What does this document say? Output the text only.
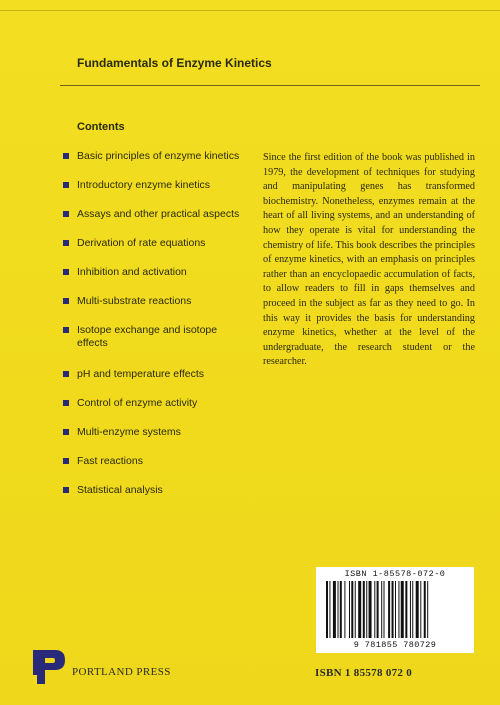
Fundamentals of Enzyme Kinetics
Contents
Basic principles of enzyme kinetics
Introductory enzyme kinetics
Assays and other practical aspects
Derivation of rate equations
Inhibition and activation
Multi-substrate reactions
Isotope exchange and isotope effects
pH and temperature effects
Control of enzyme activity
Multi-enzyme systems
Fast reactions
Statistical analysis

Since the first edition of the book was published in 1979, the development of techniques for studying and manipulating genes has transformed biochemistry. Nonetheless, enzymes remain at the heart of all living systems, and an understanding of how they operate is vital for understanding the chemistry of life. This book describes the principles of enzyme kinetics, with an emphasis on principles rather than an encyclopaedic accumulation of facts, to allow readers to fill in gaps themselves and proceed in the subject as far as they need to go. In this way it provides the basis for understanding enzyme kinetics, whether at the level of the undergraduate, the research student or the researcher.

ISBN 1-85578-072-0
9 781855 780729
PORTLAND PRESS	ISBN 1 85578 072 0
